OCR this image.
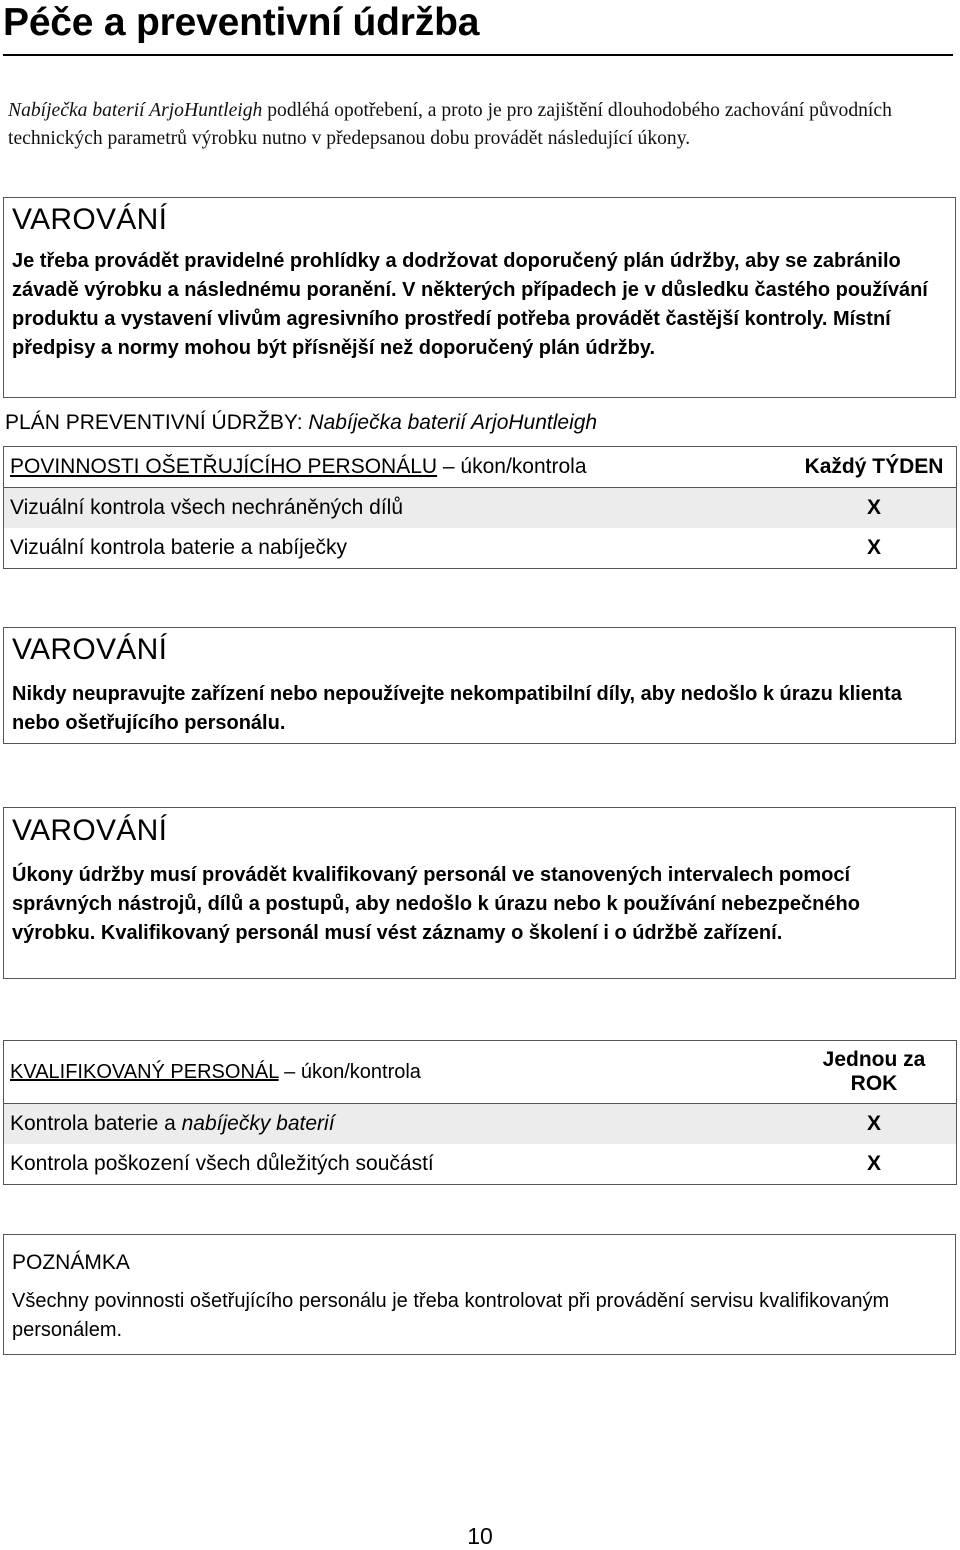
Péče a preventivní údržba
Nabíječka baterií ArjoHuntleigh podléhá opotřebení, a proto je pro zajištění dlouhodobého zachování původních technických parametrů výrobku nutno v předepsanou dobu provádět následující úkony.
VAROVÁNÍ
Je třeba provádět pravidelné prohlídky a dodržovat doporučený plán údržby, aby se zabránilo závadě výrobku a následnému poranění. V některých případech je v důsledku častého používání produktu a vystavení vlivům agresivního prostředí potřeba provádět častější kontroly. Místní předpisy a normy mohou být přísnější než doporučený plán údržby.
PLÁN PREVENTIVNÍ ÚDRŽBY: Nabíječka baterií ArjoHuntleigh
POVINNOSTI OŠETŘUJÍCÍHO PERSONÁLU – úkon/kontrola	Každý TÝDEN
Vizuální kontrola všech nechráněných dílů	X
Vizuální kontrola baterie a nabíječky	X
VAROVÁNÍ
Nikdy neupravujte zařízení nebo nepoužívejte nekompatibilní díly, aby nedošlo k úrazu klienta nebo ošetřujícího personálu.
VAROVÁNÍ
Úkony údržby musí provádět kvalifikovaný personál ve stanovených intervalech pomocí správných nástrojů, dílů a postupů, aby nedošlo k úrazu nebo k používání nebezpečného výrobku. Kvalifikovaný personál musí vést záznamy o školení i o údržbě zařízení.
KVALIFIKOVANÝ PERSONÁL – úkon/kontrola	Jednou za
ROK

Kontrola baterie a nabíječky baterií	X
Kontrola poškození všech důležitých součástí	X
POZNÁMKA
Všechny povinnosti ošetřujícího personálu je třeba kontrolovat při provádění servisu kvalifikovaným personálem.
10
